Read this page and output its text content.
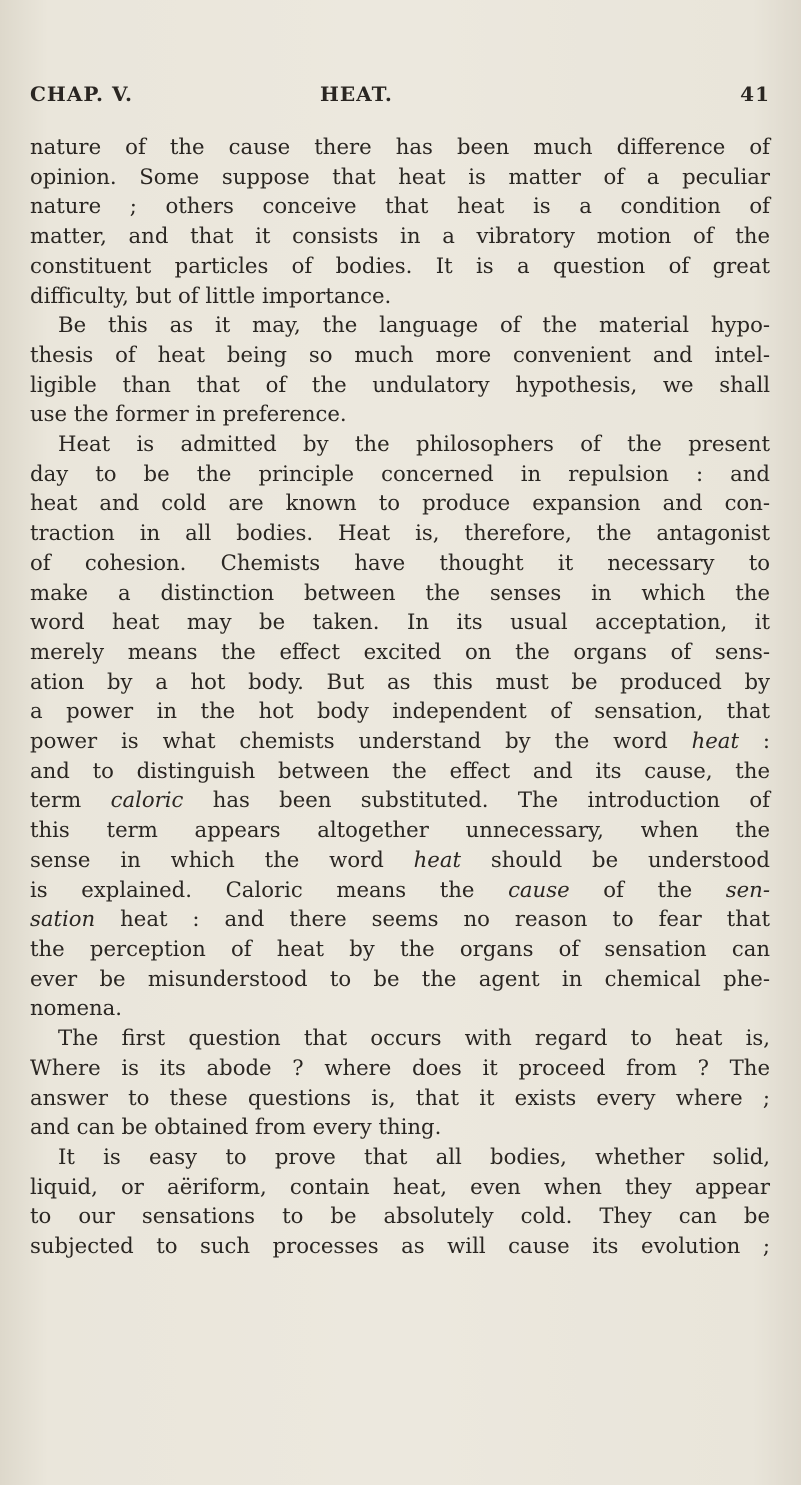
CHAP. V.	HEAT.	41
nature of the cause there has been much difference of
opinion. Some suppose that heat is matter of a peculiar
nature ; others conceive that heat is a condition of
matter, and that it consists in a vibratory motion of the
constituent particles of bodies. It is a question of great
difficulty, but of little importance.
Be this as it may, the language of the material hypo-
thesis of heat being so much more convenient and intel-
ligible than that of the undulatory hypothesis, we shall
use the former in preference.
Heat is admitted by the philosophers of the present
day to be the principle concerned in repulsion : and
heat and cold are known to produce expansion and con-
traction in all bodies. Heat is, therefore, the antagonist
of cohesion. Chemists have thought it necessary to
make a distinction between the senses in which the
word heat may be taken. In its usual acceptation, it
merely means the effect excited on the organs of sens-
ation by a hot body. But as this must be produced by
a power in the hot body independent of sensation, that
power is what chemists understand by the word heat :
and to distinguish between the effect and its cause, the
term caloric has been substituted. The introduction of
this term appears altogether unnecessary, when the
sense in which the word heat should be understood
is explained. Caloric means the cause of the sen-
sation heat : and there seems no reason to fear that
the perception of heat by the organs of sensation can
ever be misunderstood to be the agent in chemical phe-
nomena.
The first question that occurs with regard to heat is,
Where is its abode ? where does it proceed from ? The
answer to these questions is, that it exists every where ;
and can be obtained from every thing.
It is easy to prove that all bodies, whether solid,
liquid, or aëriform, contain heat, even when they appear
to our sensations to be absolutely cold. They can be
subjected to such processes as will cause its evolution ;
